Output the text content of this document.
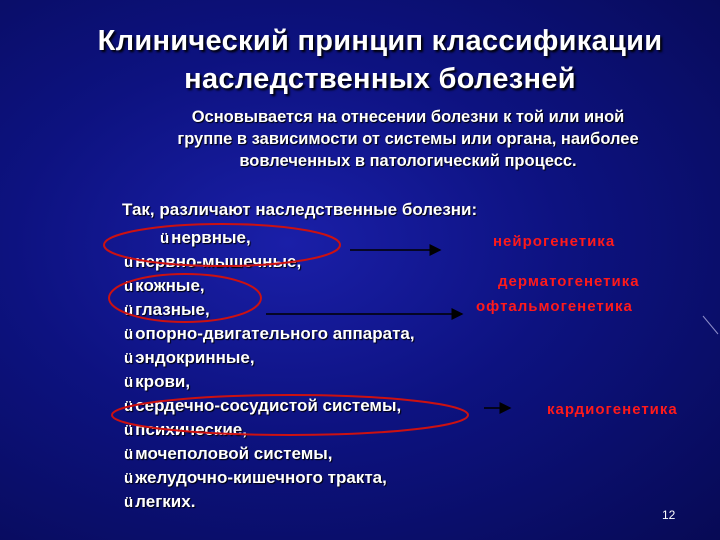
Клинический принцип классификации
наследственных болезней
Основывается на отнесении болезни к той или иной
группе в зависимости от системы или органа, наиболее
вовлеченных в патологический процесс.
Так, различают наследственные болезни:
ü нервные,
ü нервно-мышечные,
ü кожные,
ü глазные,
ü опорно-двигательного аппарата,
ü эндокринные,
ü крови,
ü сердечно-сосудистой системы,
ü психические,
ü мочеполовой системы,
ü желудочно-кишечного тракта,
ü легких.
нейрогенетика
дерматогенетика
офтальмогенетика
кардиогенетика
12
